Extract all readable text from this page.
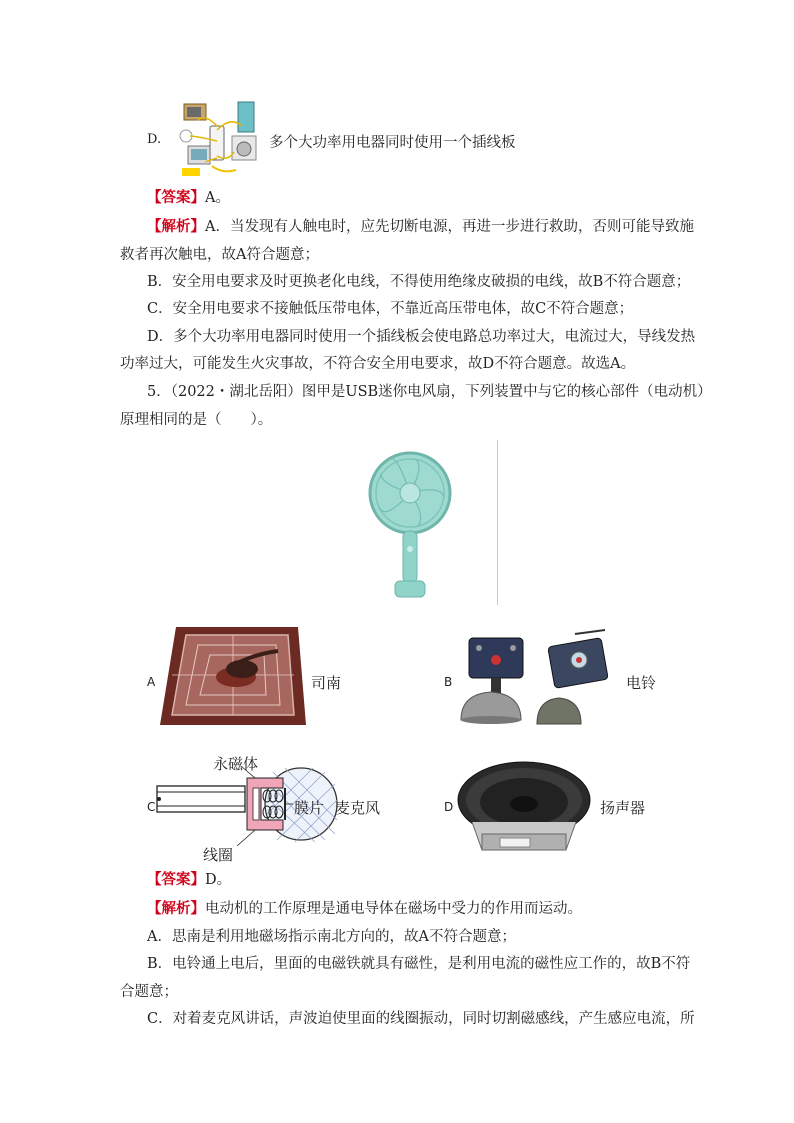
D.	多个大功率用电器同时使用一个插线板
【答案】A。
【解析】A．当发现有人触电时，应先切断电源，再进一步进行救助，否则可能导致施
救者再次触电，故A符合题意；
B．安全用电要求及时更换老化电线，不得使用绝缘皮破损的电线，故B不符合题意；
C．安全用电要求不接触低压带电体，不靠近高压带电体，故C不符合题意；
D．多个大功率用电器同时使用一个插线板会使电路总功率过大，电流过大，导线发热
功率过大，可能发生火灾事故，不符合安全用电要求，故D不符合题意。故选A。
5．（2022・湖北岳阳）图甲是USB迷你电风扇，下列装置中与它的核心部件（电动机）
原理相同的是（　　）。
A	司南	B	电铃
C
永磁体
膜片
线圈
麦克风	D	扬声器
【答案】D。
【解析】电动机的工作原理是通电导体在磁场中受力的作用而运动。
A．思南是利用地磁场指示南北方向的，故A不符合题意；
B．电铃通上电后，里面的电磁铁就具有磁性，是利用电流的磁性应工作的，故B不符
合题意；
C．对着麦克风讲话，声波迫使里面的线圈振动，同时切割磁感线，产生感应电流，所
